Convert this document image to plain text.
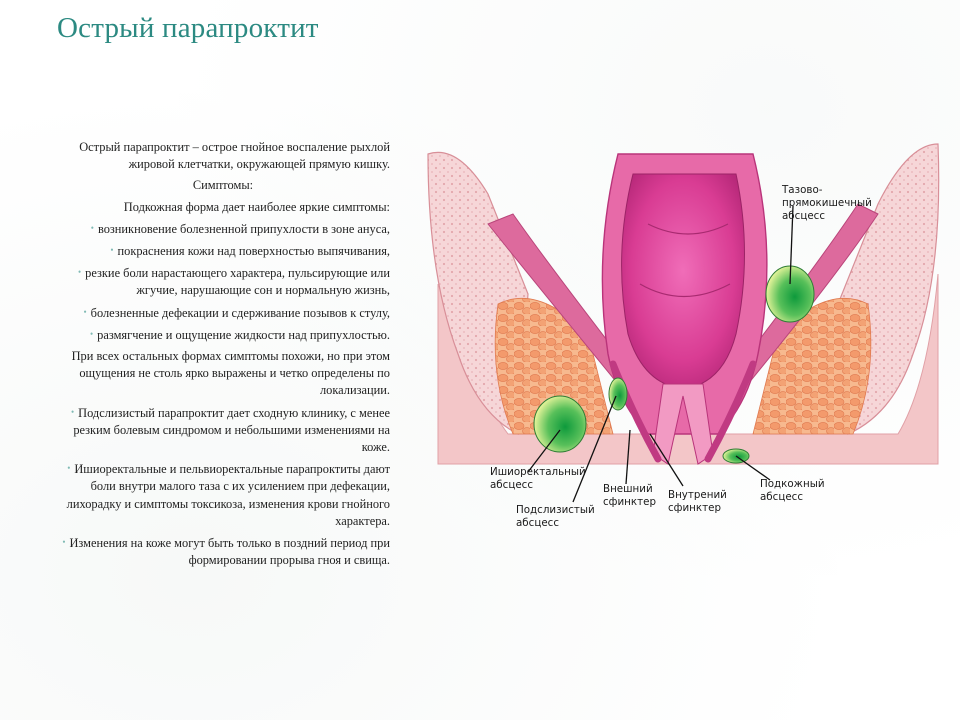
Острый парапроктит

Острый парапроктит – острое гнойное воспаление рыхлой жировой клетчатки, окружающей прямую кишку.

Симптомы:

Подкожная форма дает наиболее яркие симптомы:

• возникновение болезненной припухлости в зоне ануса,

• покраснения кожи над поверхностью выпячивания,

• резкие боли нарастающего характера, пульсирующие или жгучие, нарушающие сон и нормальную жизнь,

• болезненные дефекации и сдерживание позывов к стулу,

• размягчение и ощущение жидкости над припухлостью.

При всех остальных формах симптомы похожи, но при этом ощущения не столь ярко выражены и четко определены по локализации.

• Подслизистый парапроктит дает сходную клинику, с менее резким болевым синдромом и небольшими изменениями на коже.

• Ишиоректальные и пельвиоректальные парапроктиты дают боли внутри малого таза с их усилением при дефекации, лихорадку и симптомы токсикоза, изменения крови гнойного характера.

• Изменения на коже могут быть только в поздний период при формировании прорыва гноя и свища.

Тазово-
прямокишечный
абсцесс
Ишиоректальный
абсцесс
Подслизистый
абсцесс
Внешний
сфинктер
Внутрений
сфинктер
Подкожный
абсцесс
